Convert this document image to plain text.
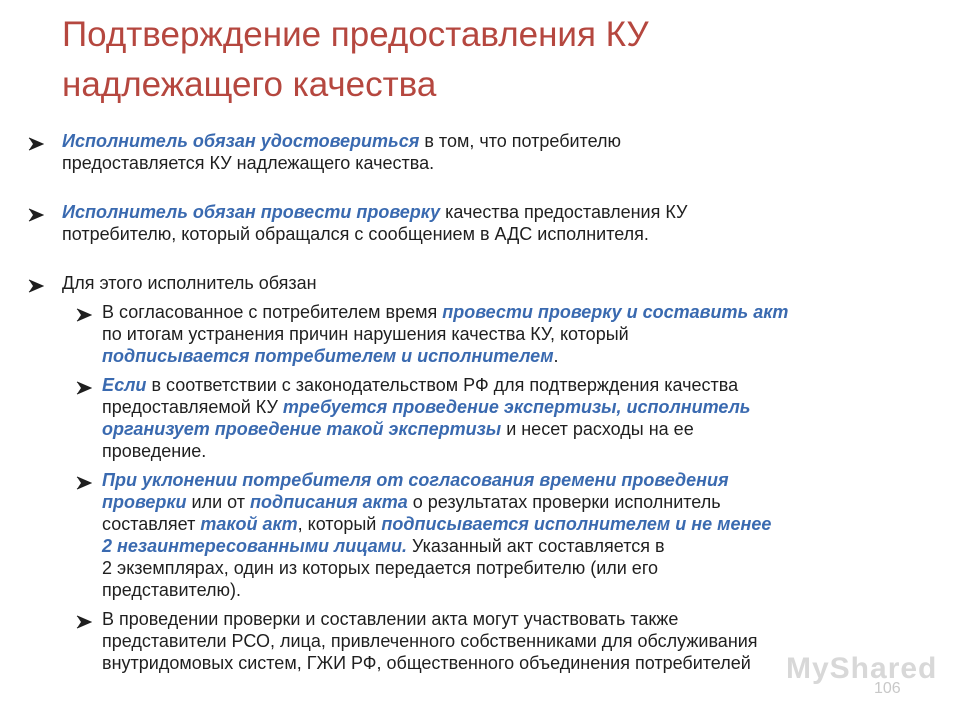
Подтверждение предоставления КУ
надлежащего качества
Исполнитель обязан удостовериться в том, что потребителю
предоставляется КУ надлежащего качества.
Исполнитель обязан провести проверку качества предоставления КУ
потребителю, который обращался с сообщением в АДС исполнителя.
Для этого исполнитель обязан
В согласованное с потребителем время провести проверку и составить акт
по итогам устранения причин нарушения качества КУ, который
подписывается потребителем и исполнителем.
Если в соответствии с законодательством РФ для подтверждения качества
предоставляемой КУ требуется проведение экспертизы, исполнитель
организует проведение такой экспертизы и несет расходы на ее
проведение.
При уклонении потребителя от согласования времени проведения
проверки или от подписания акта о результатах проверки исполнитель
составляет такой акт, который подписывается исполнителем и не менее
2 незаинтересованными лицами. Указанный акт составляется в
2 экземплярах, один из которых передается потребителю (или его
представителю).
В проведении проверки и составлении акта могут участвовать также
представители РСО, лица, привлеченного собственниками для обслуживания
внутридомовых систем, ГЖИ РФ, общественного объединения потребителей	MyShared
106
